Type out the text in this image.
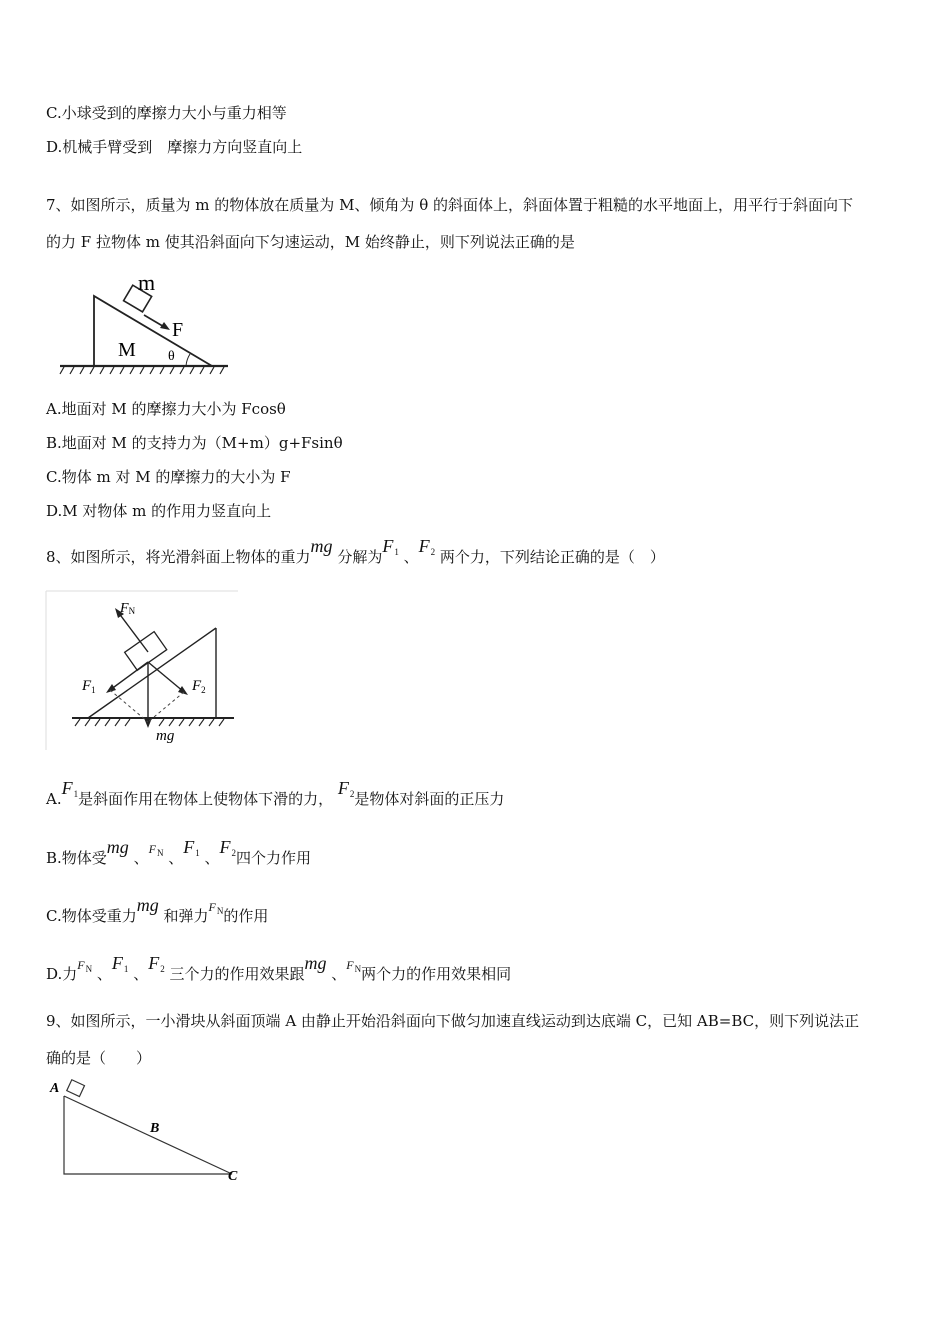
C.小球受到的摩擦力大小与重力相等
D.机械手臂受到　摩擦力方向竖直向上
7、如图所示，质量为 m 的物体放在质量为 M、倾角为 θ 的斜面体上，斜面体置于粗糙的水平地面上，用平行于斜面向下
的力 F 拉物体 m 使其沿斜面向下匀速运动，M 始终静止，则下列说法正确的是
m
F
M θ
A.地面对 M 的摩擦力大小为 Fcosθ
B.地面对 M 的支持力为（M+m）g+Fsinθ
C.物体 m 对 M 的摩擦力的大小为 F
D.M 对物体 m 的作用力竖直向上
8、如图所示，将光滑斜面上物体的重力mg 分解为$F_1$ 、$F_2$ 两个力，下列结论正确的是（　）
FN
$F_1$	$F_2$
mg
$A.F_1$是斜面作用在物体上使物体下滑的力， $F_2$是物体对斜面的正压力
B.物体受mg 、$^{F_N}$ 、$F_1$ 、$F_2$四个力作用
C.物体受重力mg 和弹力$^{F_N}$的作用
D.力$^{F_N}$ 、$F_1$ 、$F_2$ 三个力的作用效果跟mg 、$^{F_N}$两个力的作用效果相同
9、如图所示，一小滑块从斜面顶端 A 由静止开始沿斜面向下做匀加速直线运动到达底端 C，已知 AB=BC，则下列说法正
确的是（　　）
A
B
C
